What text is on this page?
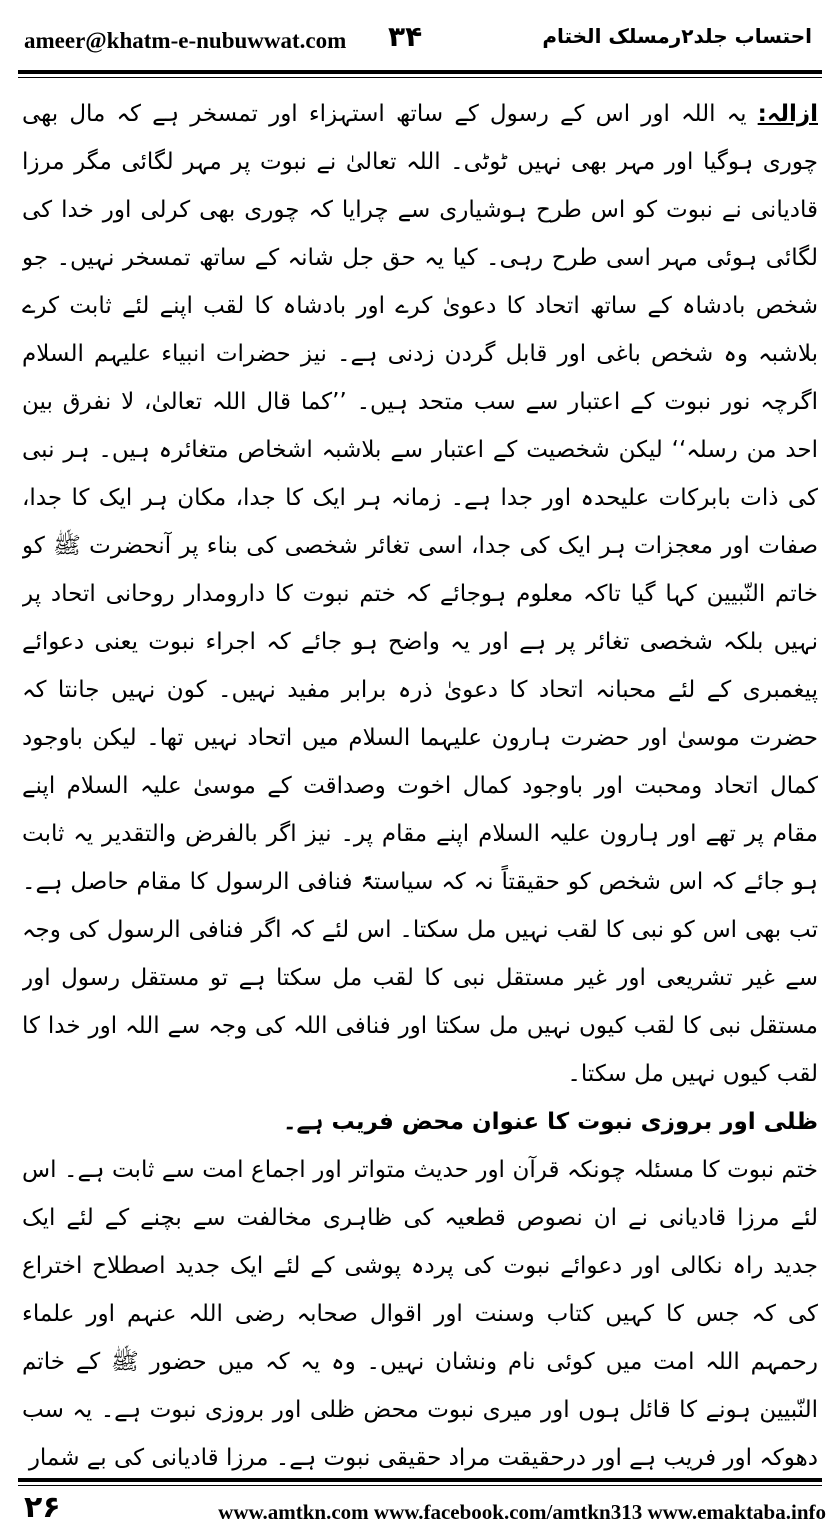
ameer@khatm-e-nubuwwat.com ۳۴	احتساب جلد۲رمسلک الختام

ازالہ: یہ اللہ اور اس کے رسول کے ساتھ استہزاء اور تمسخر ہے کہ مال بھی چوری ہوگیا اور مہر بھی نہیں ٹوٹی۔ اللہ تعالیٰ نے نبوت پر مہر لگائی مگر مرزا قادیانی نے نبوت کو اس طرح ہوشیاری سے چرایا کہ چوری بھی کرلی اور خدا کی لگائی ہوئی مہر اسی طرح رہی۔ کیا یہ حق جل شانہ کے ساتھ تمسخر نہیں۔ جو شخص بادشاہ کے ساتھ اتحاد کا دعویٰ کرے اور بادشاہ کا لقب اپنے لئے ثابت کرے بلاشبہ وہ شخص باغی اور قابل گردن زدنی ہے۔ نیز حضرات انبیاء علیہم السلام اگرچہ نور نبوت کے اعتبار سے سب متحد ہیں۔ ’’کما قال اللہ تعالیٰ، لا نفرق بین احد من رسلہ‘‘ لیکن شخصیت کے اعتبار سے بلاشبہ اشخاص متغائرہ ہیں۔ ہر نبی کی ذات بابرکات علیحدہ اور جدا ہے۔ زمانہ ہر ایک کا جدا، مکان ہر ایک کا جدا، صفات اور معجزات ہر ایک کی جدا، اسی تغائر شخصی کی بناء پر آنحضرت ﷺ کو خاتم النّبیین کہا گیا تاکہ معلوم ہوجائے کہ ختم نبوت کا دارومدار روحانی اتحاد پر نہیں بلکہ شخصی تغائر پر ہے اور یہ واضح ہو جائے کہ اجراء نبوت یعنی دعوائے پیغمبری کے لئے محبانہ اتحاد کا دعویٰ ذرہ برابر مفید نہیں۔ کون نہیں جانتا کہ حضرت موسیٰ اور حضرت ہارون علیہما السلام میں اتحاد نہیں تھا۔ لیکن باوجود کمال اتحاد ومحبت اور باوجود کمال اخوت وصداقت کے موسیٰ علیہ السلام اپنے مقام پر تھے اور ہارون علیہ السلام اپنے مقام پر۔ نیز اگر بالفرض والتقدیر یہ ثابت ہو جائے کہ اس شخص کو حقیقتاً نہ کہ سیاستۃً فنافی الرسول کا مقام حاصل ہے۔ تب بھی اس کو نبی کا لقب نہیں مل سکتا۔ اس لئے کہ اگر فنافی الرسول کی وجہ سے غیر تشریعی اور غیر مستقل نبی کا لقب مل سکتا ہے تو مستقل رسول اور مستقل نبی کا لقب کیوں نہیں مل سکتا اور فنافی اللہ کی وجہ سے اللہ اور خدا کا لقب کیوں نہیں مل سکتا۔

ظلی اور بروزی نبوت کا عنوان محض فریب ہے۔

ختم نبوت کا مسئلہ چونکہ قرآن اور حدیث متواتر اور اجماع امت سے ثابت ہے۔ اس لئے مرزا قادیانی نے ان نصوص قطعیہ کی ظاہری مخالفت سے بچنے کے لئے ایک جدید راہ نکالی اور دعوائے نبوت کی پردہ پوشی کے لئے ایک جدید اصطلاح اختراع کی کہ جس کا کہیں کتاب وسنت اور اقوال صحابہ رضی اللہ عنہم اور علماء رحمہم اللہ امت میں کوئی نام ونشان نہیں۔ وہ یہ کہ میں حضور ﷺ کے خاتم النّبیین ہونے کا قائل ہوں اور میری نبوت محض ظلی اور بروزی نبوت ہے۔ یہ سب دھوکہ اور فریب ہے اور درحقیقت مراد حقیقی نبوت ہے۔ مرزا قادیانی کی بے شمار

۲۶	www.amtkn.com www.facebook.com/amtkn313 www.emaktaba.info
